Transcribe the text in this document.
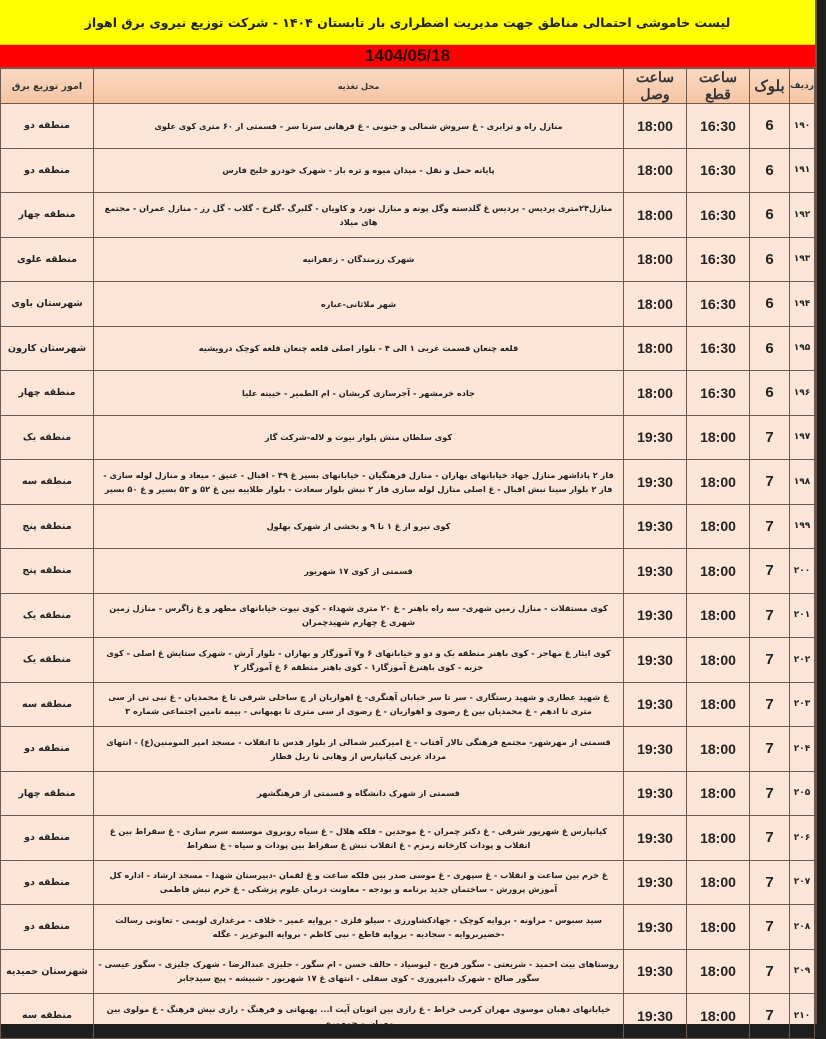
لیست خاموشی احتمالی مناطق جهت مدیریت اضطراری بار تابستان ۱۴۰۴ - شرکت توزیع نیروی برق اهواز
1404/05/18
ردیف	بلوک	ساعت قطع	ساعت وصل	محل تغذیه	امور توزیع برق
۱۹۰	6	16:30	18:00	منازل راه و ترابری - غ سروش شمالی و جنوبی - غ فرهانی سرتا سر - قسمتی از ۶۰ متری کوی علوی	منطقه دو
۱۹۱	6	16:30	18:00	پایانه حمل و نقل - میدان میوه و تره بار - شهرک خودرو خلیج فارس	منطقه دو
۱۹۲	6	16:30	18:00	منازل۲۴متری پردیس - پردیس غ گلدسته وگل پونه و منازل نورد و کاویان - گلبرگ -گلرخ - گلاب - گل رز - منازل عمران - مجتمع های میلاد	منطقه چهار
۱۹۳	6	16:30	18:00	شهرک رزمندگان - زعفرانیه	منطقه علوی
۱۹۴	6	16:30	18:00	شهر ملاثانی-عباره	شهرستان باوی
۱۹۵	6	16:30	18:00	قلعه چنعان قسمت غربی ۱ الی ۴ - بلوار اصلی قلعه چنعان قلعه کوچک درویشیه	شهرستان کارون
۱۹۶	6	16:30	18:00	جاده خرمشهر - آجرسازی کریشان - ام الطمیر - خیینه علیا	منطقه چهار
۱۹۷	7	18:00	19:30	کوی سلطان منش بلوار نیوت و لاله-شرکت گاز	منطقه یک
۱۹۸	7	18:00	19:30	فاز ۲ پاداشهر منازل جهاد خیابانهای بهاران - منازل فرهنگیان - خیابانهای بسیر غ ۴۹ - اقبال - عتیق - میعاد و منازل لوله سازی - فاز ۲ بلوار سینا نبش اقبال - غ اصلی منازل لوله سازی فاز ۲ نبش بلوار سعادت - بلوار طلاییه بین غ ۵۲ و ۵۳ بسیر و غ ۵۰ بسیر	منطقه سه
۱۹۹	7	18:00	19:30	کوی نیرو از غ ۱ تا ۹ و بخشی از شهرک بهلول	منطقه پنج
۲۰۰	7	18:00	19:30	قسمتی از کوی ۱۷ شهریور	منطقه پنج
۲۰۱	7	18:00	19:30	کوی مستقلات - منازل زمین شهری- سه راه باهنر - غ ۲۰ متری شهداء - کوی نیوت خیابانهای مطهر و غ زاگرس - منازل زمین شهری غ چهارم شهیدچمران	منطقه یک
۲۰۲	7	18:00	19:30	کوی ایثار غ مهاجر - کوی باهنر منطقه یک و دو و خیابانهای ۶ و۷ آموزگار و بهاران - بلوار آرش - شهرک ستایش غ اصلی - کوی حزبه - کوی باهنرغ آموزگار۱ - کوی باهنر منطقه ۶ غ آموزگار ۲	منطقه یک
۲۰۳	7	18:00	19:30	غ شهید عطاری و شهید رستگاری - سر تا سر خیابان آهنگری- غ اهوازیان از چ ساحلی شرقی تا غ محمدیان - غ نبی نی از سی متری تا ادهم - غ محمدیان بین غ رضوی و اهوازیان - غ رضوی از سی متری تا بهبهانی - بیمه تامین اجتماعی شماره ۳	منطقه سه
۲۰۴	7	18:00	19:30	قسمتی از مهرشهر- مجتمع فرهنگی تالار آفتاب - غ امیرکبیر شمالی از بلوار قدس تا انقلاب - مسجد امیر المومنین(ع) - انتهای مرداد غربی کیانپارس از وهابی تا ریل قطار	منطقه دو
۲۰۵	7	18:00	19:30	قسمتی از شهرک دانشگاه و قسمتی از فرهنگشهر	منطقه چهار
۲۰۶	7	18:00	19:30	کیانپارس غ شهریور شرقی - غ دکتر چمران - غ موحدین - فلکه هلال - غ سیاه روبروی موسسه سرم سازی - غ سقراط بین غ انقلاب و پودات کارخانه زمزم - غ انقلاب نبش غ سقراط بین پودات و سیاه - غ سقراط	منطقه دو
۲۰۷	7	18:00	19:30	غ خرم بین ساعت و انقلاب - غ سپهری - غ موسی صدر بین فلکه ساعت و غ لقمان -دبیرستان شهدا - مسجد ارشاد - اداره کل آموزش پرورش - ساختمان جدید برنامه و بودجه - معاونت درمان علوم پزشکی - غ خرم نبش فاطمی	منطقه دو
۲۰۸	7	18:00	19:30	سید سبوس - مراونه - بروایه کوچک - جهادکشاورزی - سیلو فلزی - بروایه عمیر - خلاف - مرغداری لویمی - تعاونی رسالت -خضیربروایه - سجادیه - بروایه قاطع - نبی کاظم - بروایه البوعزیز - عگله	منطقه دو
۲۰۹	7	18:00	19:30	روستاهای بیت احمید - شریعتی - سگور فریح - لیوسیاد - حالف حسن - ام سگور - جلیزی عبدالرضا - شهرک جلیزی - سگور عیسی - سگور صالح - شهرک دامپروری - کوی سفلی - انتهای غ ۱۷ شهریور - شبیشه - پیچ سیدجابر	شهرستان حمیدیه
۲۱۰	7	18:00	19:30	خیابانهای دهبان موسوی مهران کرمی خراط - غ رازی بین اتوبان آیت ا... بهبهانی و فرهنگ - رازی نبش فرهنگ - غ مولوی بین مهران و جمهوری	منطقه سه
